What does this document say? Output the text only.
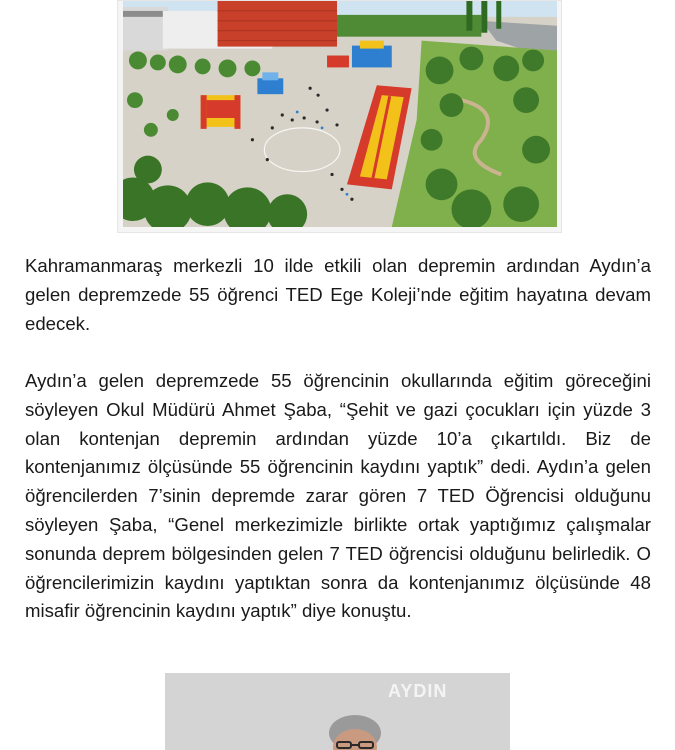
Kahramanmaraş merkezli 10 ilde etkili olan depremin ardından Aydın’a gelen depremzede 55 öğrenci TED Ege Koleji’nde eğitim hayatına devam edecek.

Aydın’a gelen depremzede 55 öğrencinin okullarında eğitim göreceğini söyleyen Okul Müdürü Ahmet Şaba, “Şehit ve gazi çocukları için yüzde 3 olan kontenjan depremin ardından yüzde 10’a çıkartıldı. Biz de kontenjanımız ölçüsünde 55 öğrencinin kaydını yaptık” dedi. Aydın’a gelen öğrencilerden 7’sinin depremde zarar gören 7 TED Öğrencisi olduğunu söyleyen Şaba, “Genel merkezimizle birlikte ortak yaptığımız çalışmalar sonunda deprem bölgesinden gelen 7 TED öğrencisi olduğunu belirledik. O öğrencilerimizin kaydını yaptıktan sonra da kontenjanımız ölçüsünde 48 misafir öğrencinin kaydını yaptık” diye konuştu.

AYDIN
